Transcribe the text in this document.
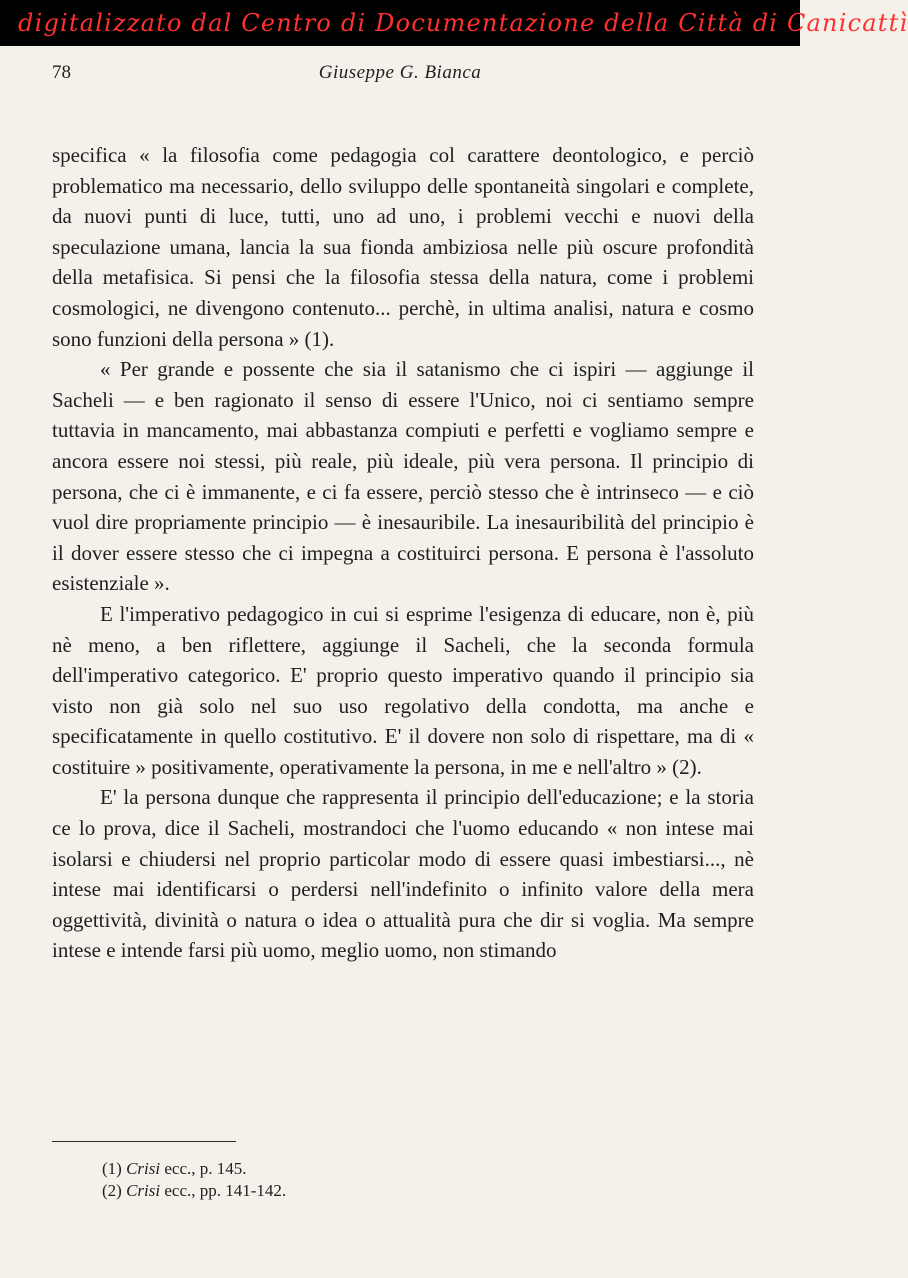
digitalizzato dal Centro di Documentazione della Città di Canicattì
78	Giuseppe G. Bianca

specifica « la filosofia come pedagogia col carattere deontologico, e perciò problematico ma necessario, dello sviluppo delle spontaneità singolari e complete, da nuovi punti di luce, tutti, uno ad uno, i problemi vecchi e nuovi della speculazione umana, lancia la sua fionda ambiziosa nelle più oscure profondità della metafisica. Si pensi che la filosofia stessa della natura, come i problemi cosmologici, ne divengono contenuto... perchè, in ultima analisi, natura e cosmo sono funzioni della persona » (1).

« Per grande e possente che sia il satanismo che ci ispiri — aggiunge il Sacheli — e ben ragionato il senso di essere l'Unico, noi ci sentiamo sempre tuttavia in mancamento, mai abbastanza compiuti e perfetti e vogliamo sempre e ancora essere noi stessi, più reale, più ideale, più vera persona. Il principio di persona, che ci è immanente, e ci fa essere, perciò stesso che è intrinseco — e ciò vuol dire propriamente principio — è inesauribile. La inesauribilità del principio è il dover essere stesso che ci impegna a costituirci persona. E persona è l'assoluto esistenziale ».

E l'imperativo pedagogico in cui si esprime l'esigenza di educare, non è, più nè meno, a ben riflettere, aggiunge il Sacheli, che la seconda formula dell'imperativo categorico. E' proprio questo imperativo quando il principio sia visto non già solo nel suo uso regolativo della condotta, ma anche e specificatamente in quello costitutivo. E' il dovere non solo di rispettare, ma di « costituire » positivamente, operativamente la persona, in me e nell'altro » (2).

E' la persona dunque che rappresenta il principio dell'educazione; e la storia ce lo prova, dice il Sacheli, mostrandoci che l'uomo educando « non intese mai isolarsi e chiudersi nel proprio particolar modo di essere quasi imbestiarsi..., nè intese mai identificarsi o perdersi nell'indefinito o infinito valore della mera oggettività, divinità o natura o idea o attualità pura che dir si voglia. Ma sempre intese e intende farsi più uomo, meglio uomo, non stimando

(1) Crisi ecc., p. 145.
(2) Crisi ecc., pp. 141-142.
